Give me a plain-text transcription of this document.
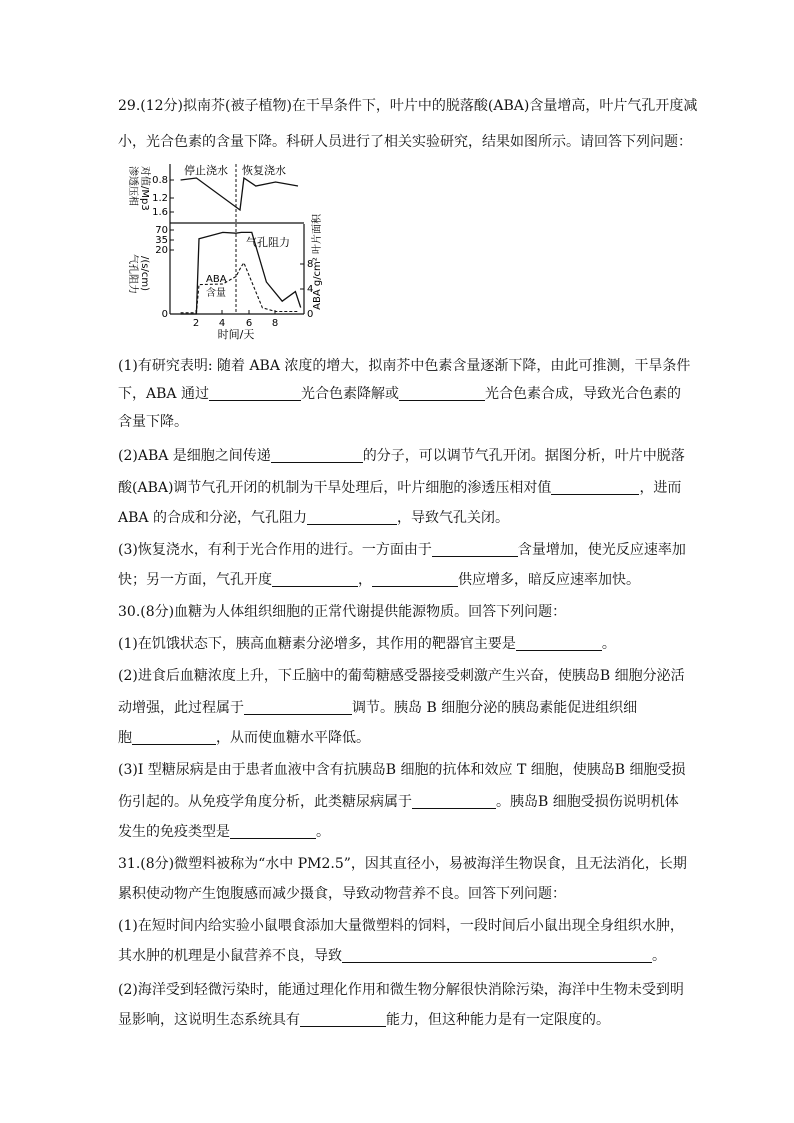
29.(12分)拟南芥(被子植物)在干旱条件下，叶片中的脱落酸(ABA)含量增高，叶片气孔开度减

小，光合色素的含量下降。科研人员进行了相关实验研究，结果如图所示。请回答下列问题：

停止浇水 恢复浇水
气孔阻力
ABA
含量
0.8
1.2
1.6
70
35
20
0
8
4
0
2 4 6 8
时间/天
渗透压相 对值/Mp3
气孔阻力 /(s/cm)	ABA g/cm² 叶片面积

(1)有研究表明: 随着 ABA 浓度的增大，拟南芥中色素含量逐渐下降，由此可推测，干旱条件

下，ABA 通过	光合色素降解或	光合色素合成，导致光合色素的

含量下降。

(2)ABA 是细胞之间传递	的分子，可以调节气孔开闭。据图分析，叶片中脱落

酸(ABA)调节气孔开闭的机制为干旱处理后，叶片细胞的渗透压相对值	，进而

ABA 的合成和分泌，气孔阻力	，导致气孔关闭。

(3)恢复浇水，有利于光合作用的进行。一方面由于	含量增加，使光反应速率加

快；另一方面，气孔开度	，	供应增多，暗反应速率加快。

30.(8分)血糖为人体组织细胞的正常代谢提供能源物质。回答下列问题：

(1)在饥饿状态下，胰高血糖素分泌增多，其作用的靶器官主要是	。

(2)进食后血糖浓度上升，下丘脑中的葡萄糖感受器接受刺激产生兴奋，使胰岛B 细胞分泌活

动增强，此过程属于	调节。胰岛 B 细胞分泌的胰岛素能促进组织细

胞	，从而使血糖水平降低。

(3)I 型糖尿病是由于患者血液中含有抗胰岛B 细胞的抗体和效应 T 细胞，使胰岛B 细胞受损

伤引起的。从免疫学角度分析，此类糖尿病属于	。胰岛B 细胞受损伤说明机体

发生的免疫类型是	。

31.(8分)微塑料被称为“水中 PM2.5”，因其直径小，易被海洋生物误食，且无法消化，长期

累积使动物产生饱腹感而减少摄食，导致动物营养不良。回答下列问题：

(1)在短时间内给实验小鼠喂食添加大量微塑料的饲料，一段时间后小鼠出现全身组织水肿，

其水肿的机理是小鼠营养不良，导致	。

(2)海洋受到轻微污染时，能通过理化作用和微生物分解很快消除污染，海洋中生物未受到明

显影响，这说明生态系统具有	能力，但这种能力是有一定限度的。
